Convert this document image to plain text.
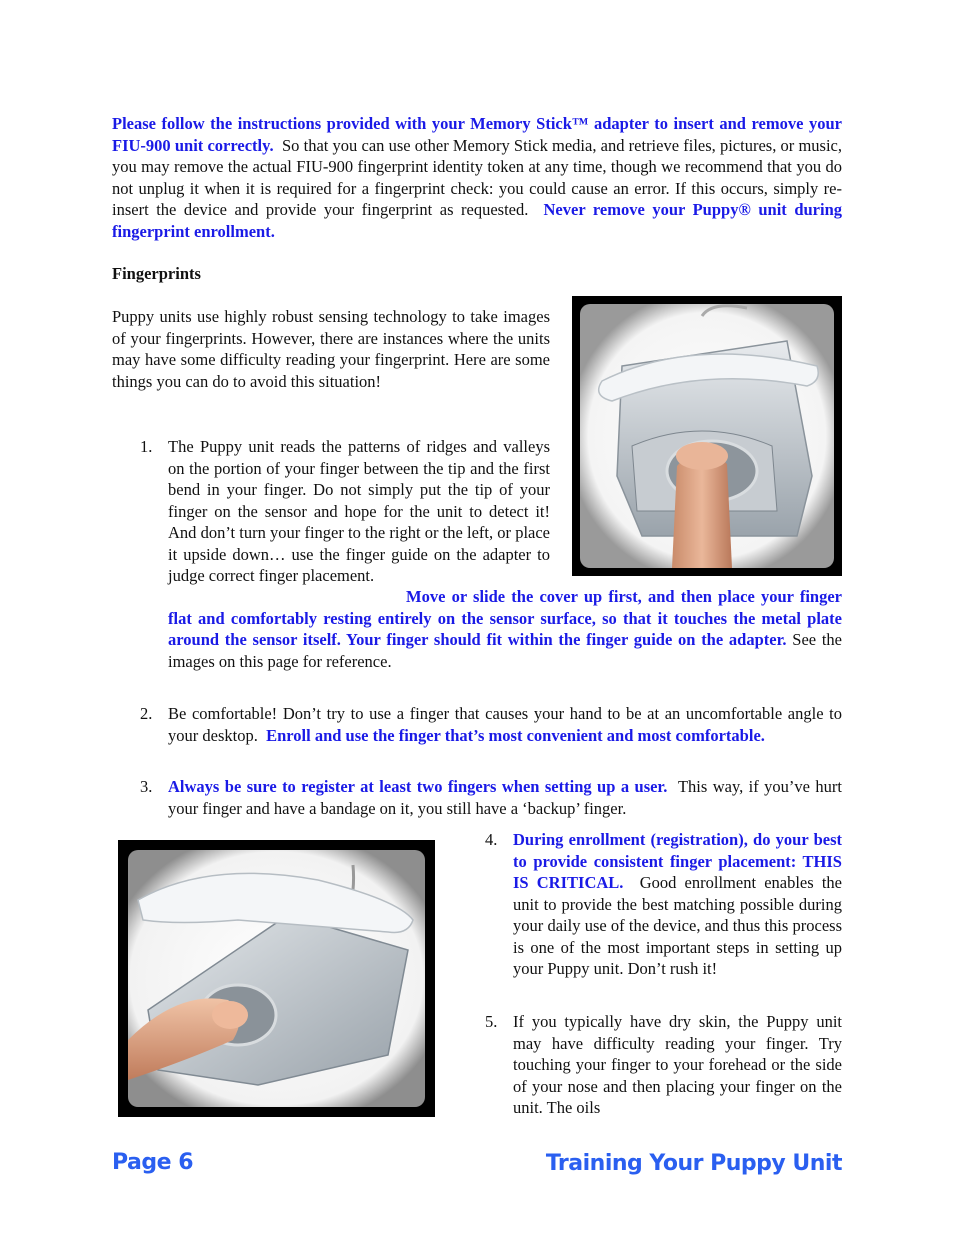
Please follow the instructions provided with your Memory Stick™ adapter to insert and remove your FIU-900 unit correctly. So that you can use other Memory Stick media, and retrieve files, pictures, or music, you may remove the actual FIU-900 fingerprint identity token at any time, though we recommend that you do not unplug it when it is required for a fingerprint check: you could cause an error. If this occurs, simply re-insert the device and provide your fingerprint as requested. Never remove your Puppy® unit during fingerprint enrollment.
Fingerprints
Puppy units use highly robust sensing technology to take images of your fingerprints. However, there are instances where the units may have some difficulty reading your fingerprint. Here are some things you can do to avoid this situation!
1. The Puppy unit reads the patterns of ridges and valleys on the portion of your finger between the tip and the first bend in your finger. Do not simply put the tip of your finger on the sensor and hope for the unit to detect it! And don’t turn your finger to the right or the left, or place it upside down… use the finger guide on the adapter to judge correct finger placement.
Move or slide the cover up first, and then place your finger flat and comfortably resting entirely on the sensor surface, so that it touches the metal plate around the sensor itself. Your finger should fit within the finger guide on the adapter. See the images on this page for reference.
2. Be comfortable! Don’t try to use a finger that causes your hand to be at an uncomfortable angle to your desktop. Enroll and use the finger that’s most convenient and most comfortable.
3. Always be sure to register at least two fingers when setting up a user. This way, if you’ve hurt your finger and have a bandage on it, you still have a ‘backup’ finger.
4. During enrollment (registration), do your best to provide consistent finger placement: THIS IS CRITICAL. Good enrollment enables the unit to provide the best matching possible during your daily use of the device, and thus this process is one of the most important steps in setting up your Puppy unit. Don’t rush it!
5. If you typically have dry skin, the Puppy unit may have difficulty reading your finger. Try touching your finger to your forehead or the side of your nose and then placing your finger on the unit. The oils
Page 6	Training Your Puppy Unit
